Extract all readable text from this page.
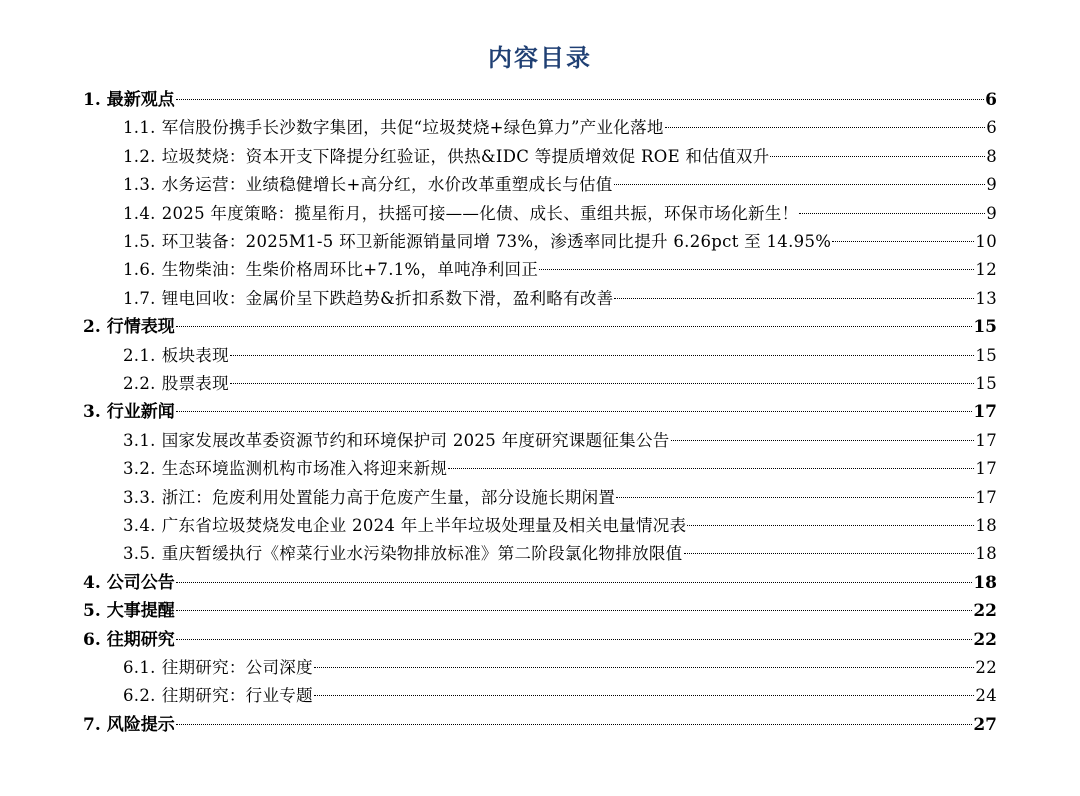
内容目录
1. 最新观点	6
1.1. 军信股份携手长沙数字集团，共促“垃圾焚烧+绿色算力”产业化落地	6
1.2. 垃圾焚烧：资本开支下降提分红验证，供热&IDC 等提质增效促 ROE 和估值双升	8
1.3. 水务运营：业绩稳健增长+高分红，水价改革重塑成长与估值	9
1.4. 2025 年度策略：揽星衔月，扶摇可接——化债、成长、重组共振，环保市场化新生！	9
1.5. 环卫装备：2025M1-5 环卫新能源销量同增 73%，渗透率同比提升 6.26pct 至 14.95%	10
1.6. 生物柴油：生柴价格周环比+7.1%，单吨净利回正	12
1.7. 锂电回收：金属价呈下跌趋势&折扣系数下滑，盈利略有改善	13
2. 行情表现	15
2.1. 板块表现	15
2.2. 股票表现	15
3. 行业新闻	17
3.1. 国家发展改革委资源节约和环境保护司 2025 年度研究课题征集公告	17
3.2. 生态环境监测机构市场准入将迎来新规	17
3.3. 浙江：危废利用处置能力高于危废产生量，部分设施长期闲置	17
3.4. 广东省垃圾焚烧发电企业 2024 年上半年垃圾处理量及相关电量情况表	18
3.5. 重庆暂缓执行《榨菜行业水污染物排放标准》第二阶段氯化物排放限值	18
4. 公司公告	18
5. 大事提醒	22
6. 往期研究	22
6.1. 往期研究：公司深度	22
6.2. 往期研究：行业专题	24
7. 风险提示	27
